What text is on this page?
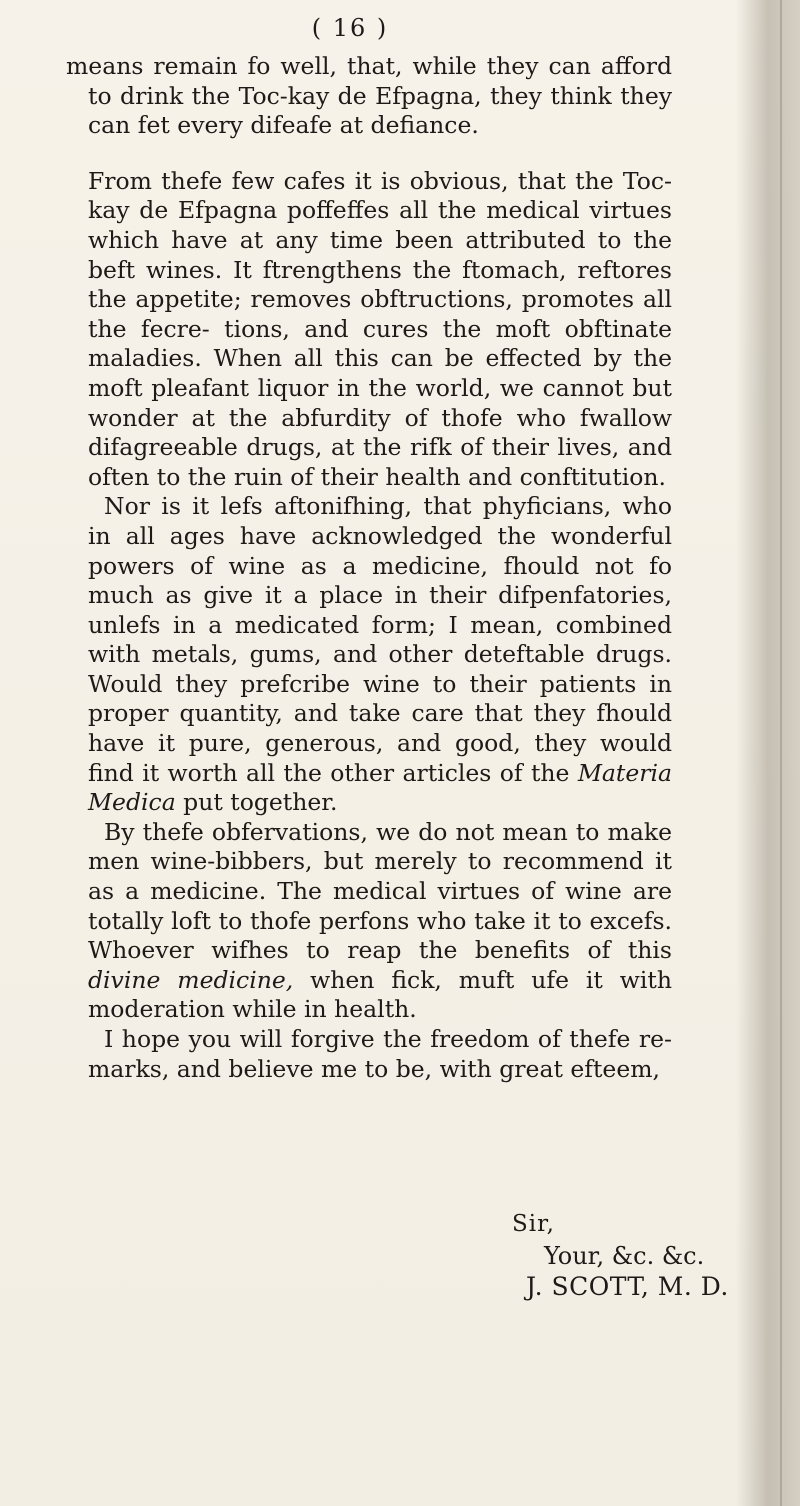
( 16 )

means remain fo well, that, while they can afford to drink the Toc-kay de Efpagna, they think they can fet every difeafe at defiance.

From thefe few cafes it is obvious, that the Toc-kay de Efpagna poffeffes all the medical virtues which have at any time been attributed to the beft wines. It ftrengthens the ftomach, reftores the appetite; removes obftructions, promotes all the fecre- tions, and cures the moft obftinate maladies. When all this can be effected by the moft pleafant liquor in the world, we cannot but wonder at the abfurdity of thofe who fwallow difagreeable drugs, at the rifk of their lives, and often to the ruin of their health and conftitution.

Nor is it lefs aftonifhing, that phyficians, who in all ages have acknowledged the wonderful powers of wine as a medicine, fhould not fo much as give it a place in their difpenfatories, unlefs in a medicated form; I mean, combined with metals, gums, and other deteftable drugs. Would they prefcribe wine to their patients in proper quantity, and take care that they fhould have it pure, generous, and good, they would find it worth all the other articles of the Materia Medica put together.

By thefe obfervations, we do not mean to make men wine-bibbers, but merely to recommend it as a medicine. The medical virtues of wine are totally loft to thofe perfons who take it to excefs. Whoever wifhes to reap the benefits of this divine medicine, when fick, muft ufe it with moderation while in health.

I hope you will forgive the freedom of thefe re- marks, and believe me to be, with great efteem,

Sir,
Your, &c. &c.
J. SCOTT, M. D.
